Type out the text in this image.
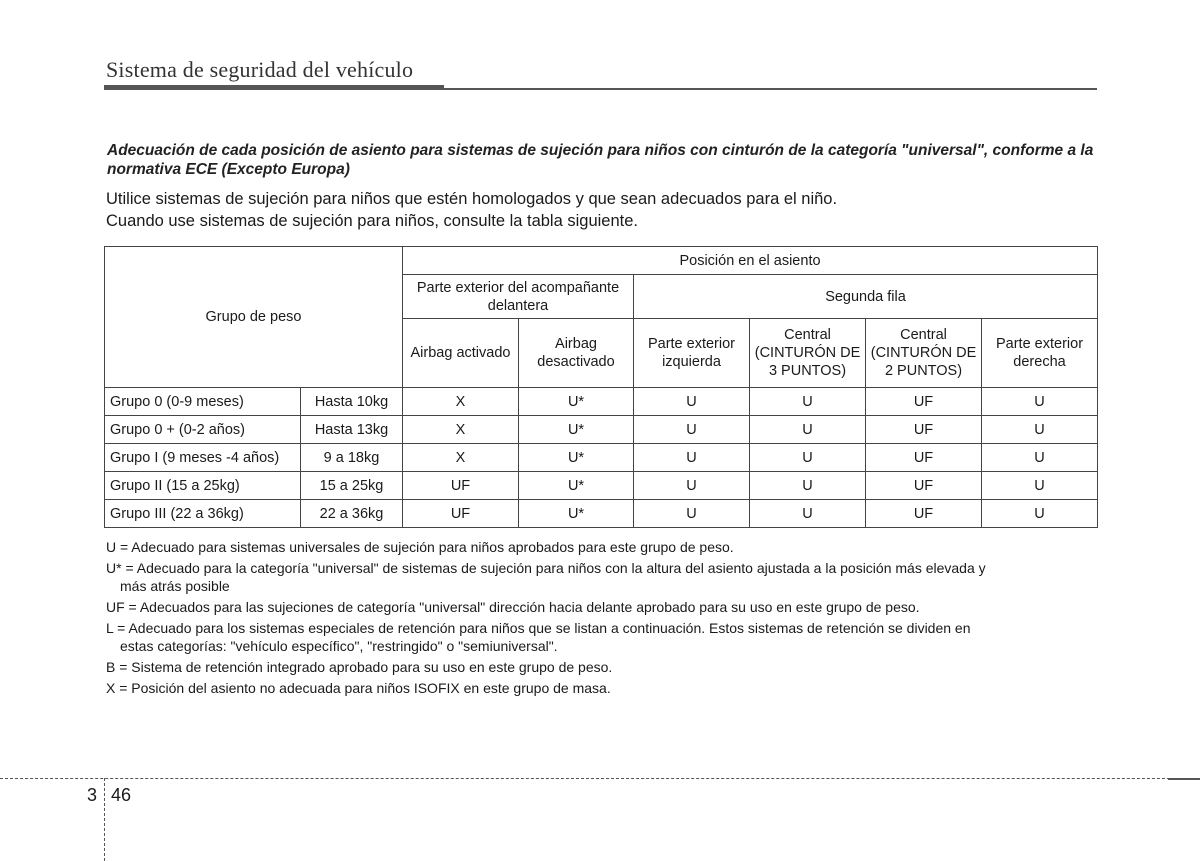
Sistema de seguridad del vehículo
Adecuación de cada posición de asiento para sistemas de sujeción para niños con cinturón de la categoría "universal", conforme a la normativa ECE (Excepto Europa)

Utilice sistemas de sujeción para niños que estén homologados y que sean adecuados para el niño.

Cuando use sistemas de sujeción para niños, consulte la tabla siguiente.

Grupo de peso		Posición en el asiento					
		Parte exterior del acompañante delantera		Segunda fila			
		Airbag activado	Airbag desactivado	Parte exterior izquierda	Central (CINTURÓN DE 3 PUNTOS)	Central (CINTURÓN DE 2 PUNTOS)	Parte exterior derecha
Grupo 0 (0-9 meses)	Hasta 10kg	X	U*	U	U	UF	U
Grupo 0 + (0-2 años)	Hasta 13kg	X	U*	U	U	UF	U
Grupo I (9 meses -4 años)	9 a 18kg	X	U*	U	U	UF	U
Grupo II (15 a 25kg)	15 a 25kg	UF	U*	U	U	UF	U
Grupo III (22 a 36kg)	22 a 36kg	UF	U*	U	U	UF	U

U = Adecuado para sistemas universales de sujeción para niños aprobados para este grupo de peso.

U* = Adecuado para la categoría "universal" de sistemas de sujeción para niños con la altura del asiento ajustada a la posición más elevada y
más atrás posible

UF = Adecuados para las sujeciones de categoría "universal" dirección hacia delante aprobado para su uso en este grupo de peso.

L = Adecuado para los sistemas especiales de retención para niños que se listan a continuación. Estos sistemas de retención se dividen en
estas categorías: "vehículo específico", "restringido" o "semiuniversal".

B = Sistema de retención integrado aprobado para su uso en este grupo de peso.

X = Posición del asiento no adecuada para niños ISOFIX en este grupo de masa.

3 46
